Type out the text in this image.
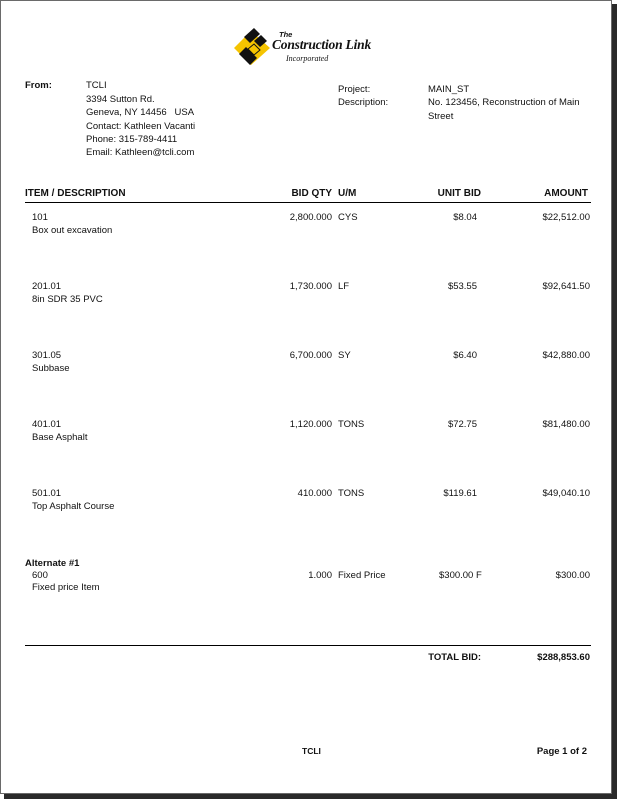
The
Construction Link
Incorporated
From:	TCLI
3394 Sutton Rd.
Geneva, NY 14456   USA
Contact: Kathleen Vacanti
Phone: 315-789-4411
Email: Kathleen@tcli.com
Project:	MAIN_ST
Description:	No. 123456, Reconstruction of Main
Street
ITEM / DESCRIPTION	BID QTY U/M	UNIT BID	AMOUNT
101
Box out excavation
2,800.000 CYS	$8.04	$22,512.00
201.01
8in SDR 35 PVC
1,730.000 LF	$53.55	$92,641.50
301.05
Subbase
6,700.000 SY	$6.40	$42,880.00
401.01
Base Asphalt
1,120.000 TONS	$72.75	$81,480.00
501.01
Top Asphalt Course
410.000 TONS	$119.61	$49,040.10
Alternate #1
600
Fixed price Item
1.000 Fixed Price	$300.00 F	$300.00
TOTAL BID:	$288,853.60
TCLI	Page 1 of 2
